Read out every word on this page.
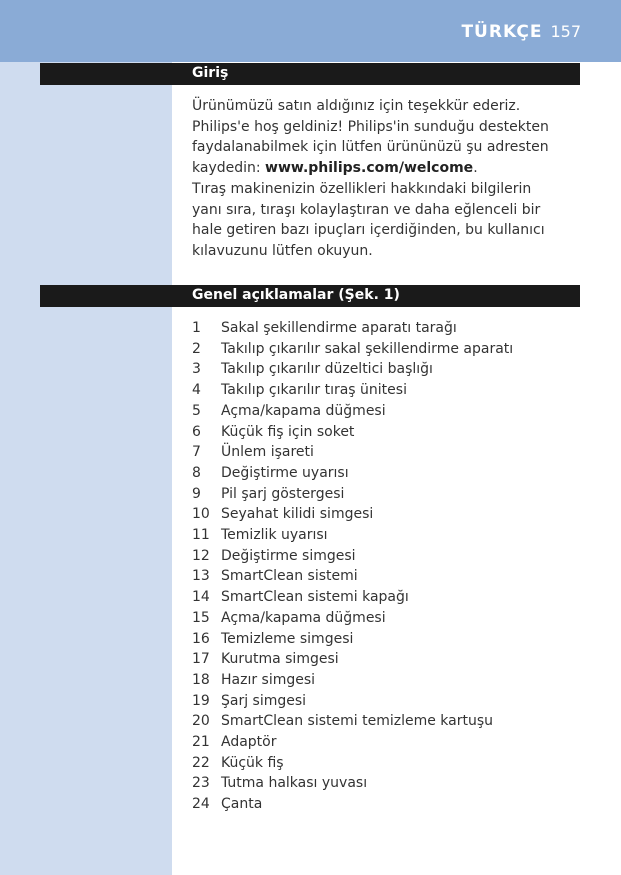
TÜRKÇE 157
Giriş

Ürünümüzü satın aldığınız için teşekkür ederiz.

Philips'e hoş geldiniz! Philips'in sunduğu destekten

faydalanabilmek için lütfen ürününüzü şu adresten

kaydedin: www.philips.com/welcome.

Tıraş makinenizin özellikleri hakkındaki bilgilerin

yanı sıra, tıraşı kolaylaştıran ve daha eğlenceli bir

hale getiren bazı ipuçları içerdiğinden, bu kullanıcı

kılavuzunu lütfen okuyun.

Genel açıklamalar (Şek. 1)
1	Sakal şekillendirme aparatı tarağı
2	Takılıp çıkarılır sakal şekillendirme aparatı
3	Takılıp çıkarılır düzeltici başlığı
4	Takılıp çıkarılır tıraş ünitesi
5	Açma/kapama düğmesi
6	Küçük fiş için soket
7	Ünlem işareti
8	Değiştirme uyarısı
9	Pil şarj göstergesi
10 Seyahat kilidi simgesi
11 Temizlik uyarısı
12 Değiştirme simgesi
13 SmartClean sistemi
14 SmartClean sistemi kapağı
15 Açma/kapama düğmesi
16 Temizleme simgesi
17 Kurutma simgesi
18 Hazır simgesi
19 Şarj simgesi
20 SmartClean sistemi temizleme kartuşu
21 Adaptör
22 Küçük fiş
23 Tutma halkası yuvası
24 Çanta
